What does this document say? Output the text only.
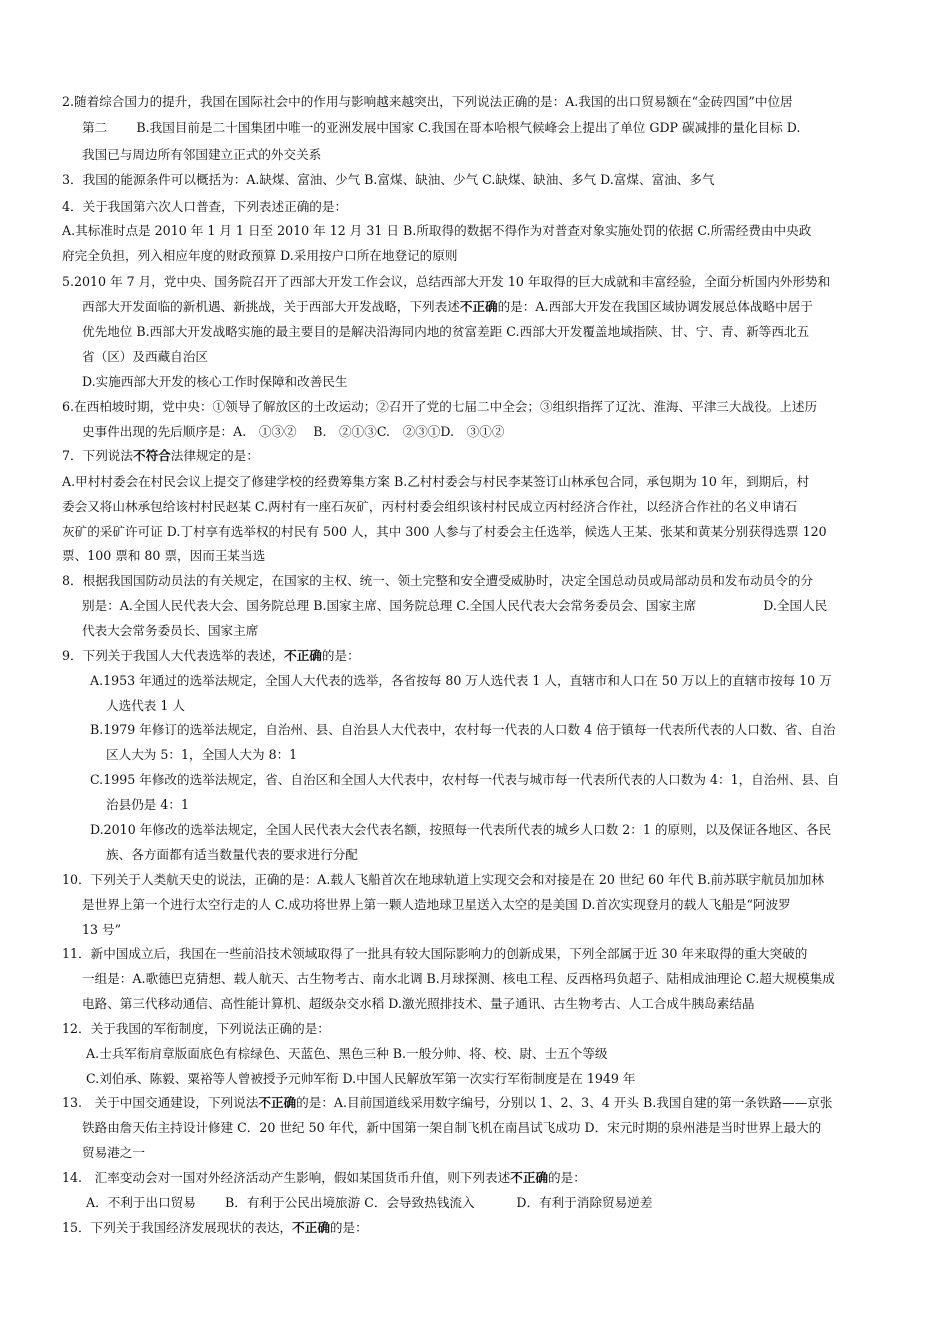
2.随着综合国力的提升，我国在国际社会中的作用与影响越来越突出，下列说法正确的是：A.我国的出口贸易额在“金砖四国”中位居
第二　　 B.我国目前是二十国集团中唯一的亚洲发展中国家 C.我国在哥本哈根气候峰会上提出了单位 GDP 碳减排的量化目标 D.
我国已与周边所有邻国建立正式的外交关系
3．我国的能源条件可以概括为：A.缺煤、富油、少气 B.富煤、缺油、少气 C.缺煤、缺油、多气 D.富煤、富油、多气
4．关于我国第六次人口普查，下列表述正确的是：
A.其标准时点是 2010 年 1 月 1 日至 2010 年 12 月 31 日 B.所取得的数据不得作为对普查对象实施处罚的依据 C.所需经费由中央政
府完全负担，列入相应年度的财政预算 D.采用按户口所在地登记的原则
5.2010 年 7 月，党中央、国务院召开了西部大开发工作会议，总结西部大开发 10 年取得的巨大成就和丰富经验，全面分析国内外形势和
西部大开发面临的新机遇、新挑战，关于西部大开发战略，下列表述不正确的是：A.西部大开发在我国区域协调发展总体战略中居于
优先地位 B.西部大开发战略实施的最主要目的是解决沿海同内地的贫富差距 C.西部大开发覆盖地域指陕、甘、宁、青、新等西北五
省（区）及西藏自治区
D.实施西部大开发的核心工作时保障和改善民生
6.在西柏坡时期，党中央：①领导了解放区的土改运动；②召开了党的七届二中全会；③组织指挥了辽沈、淮海、平津三大战役。上述历
史事件出现的先后顺序是：A.　①③②　 B.　②①③C.　②③①D.　③①②
7．下列说法不符合法律规定的是：
A.甲村村委会在村民会议上提交了修建学校的经费筹集方案 B.乙村村委会与村民李某签订山林承包合同，承包期为 10 年，到期后，村
委会又将山林承包给该村村民赵某 C.两村有一座石灰矿，丙村村委会组织该村村民成立丙村经济合作社，以经济合作社的名义申请石
灰矿的采矿许可证 D.丁村享有选举权的村民有 500 人，其中 300 人参与了村委会主任选举，候选人王某、张某和黄某分别获得选票 120
票、100 票和 80 票，因而王某当选
8．根据我国国防动员法的有关规定，在国家的主权、统一、领土完整和安全遭受威胁时，决定全国总动员或局部动员和发布动员令的分
别是：A.全国人民代表大会、国务院总理 B.国家主席、国务院总理 C.全国人民代表大会常务委员会、国家主席　　　　　 D.全国人民
代表大会常务委员长、国家主席
9．下列关于我国人大代表选举的表述，不正确的是：
A.1953 年通过的选举法规定，全国人大代表的选举，各省按每 80 万人选代表 1 人，直辖市和人口在 50 万以上的直辖市按每 10 万
人选代表 1 人
B.1979 年修订的选举法规定，自治州、县、自治县人大代表中，农村每一代表的人口数 4 倍于镇每一代表所代表的人口数、省、自治
区人大为 5：1，全国人大为 8：1
C.1995 年修改的选举法规定，省、自治区和全国人大代表中，农村每一代表与城市每一代表所代表的人口数为 4：1，自治州、县、自
治县仍是 4：1
D.2010 年修改的选举法规定，全国人民代表大会代表名额，按照每一代表所代表的城乡人口数 2：1 的原则，以及保证各地区、各民
族、各方面都有适当数量代表的要求进行分配
10．下列关于人类航天史的说法，正确的是：A.载人飞船首次在地球轨道上实现交会和对接是在 20 世纪 60 年代 B.前苏联宇航员加加林
是世界上第一个进行太空行走的人 C.成功将世界上第一颗人造地球卫星送入太空的是美国 D.首次实现登月的载人飞船是“阿波罗
13 号”
11．新中国成立后，我国在一些前沿技术领域取得了一批具有较大国际影响力的创新成果，下列全部属于近 30 年来取得的重大突破的
一组是：A.歌德巴克猜想、载人航天、古生物考古、南水北调 B.月球探测、核电工程、反西格玛负超子、陆相成油理论 C.超大规模集成
电路、第三代移动通信、高性能计算机、超级杂交水稻 D.激光照排技术、量子通讯、古生物考古、人工合成牛胰岛素结晶
12．关于我国的军衔制度，下列说法正确的是：
A.士兵军衔肩章版面底色有棕绿色、天蓝色、黑色三种 B.一般分帅、将、校、尉、士五个等级
C.刘伯承、陈毅、粟裕等人曾被授予元帅军衔 D.中国人民解放军第一次实行军衔制度是在 1949 年
13.　关于中国交通建设，下列说法不正确的是：A.目前国道线采用数字编号，分别以 1、2、3、4 开头 B.我国自建的第一条铁路——京张
铁路由詹天佑主持设计修建 C．20 世纪 50 年代，新中国第一架自制飞机在南昌试飞成功 D．宋元时期的泉州港是当时世界上最大的
贸易港之一
14.　汇率变动会对一国对外经济活动产生影响，假如某国货币升值，则下列表述不正确的是：
A．不利于出口贸易　　 B．有利于公民出境旅游 C．会导致热钱流入　　　 D．有利于消除贸易逆差
15．下列关于我国经济发展现状的表达，不正确的是：
